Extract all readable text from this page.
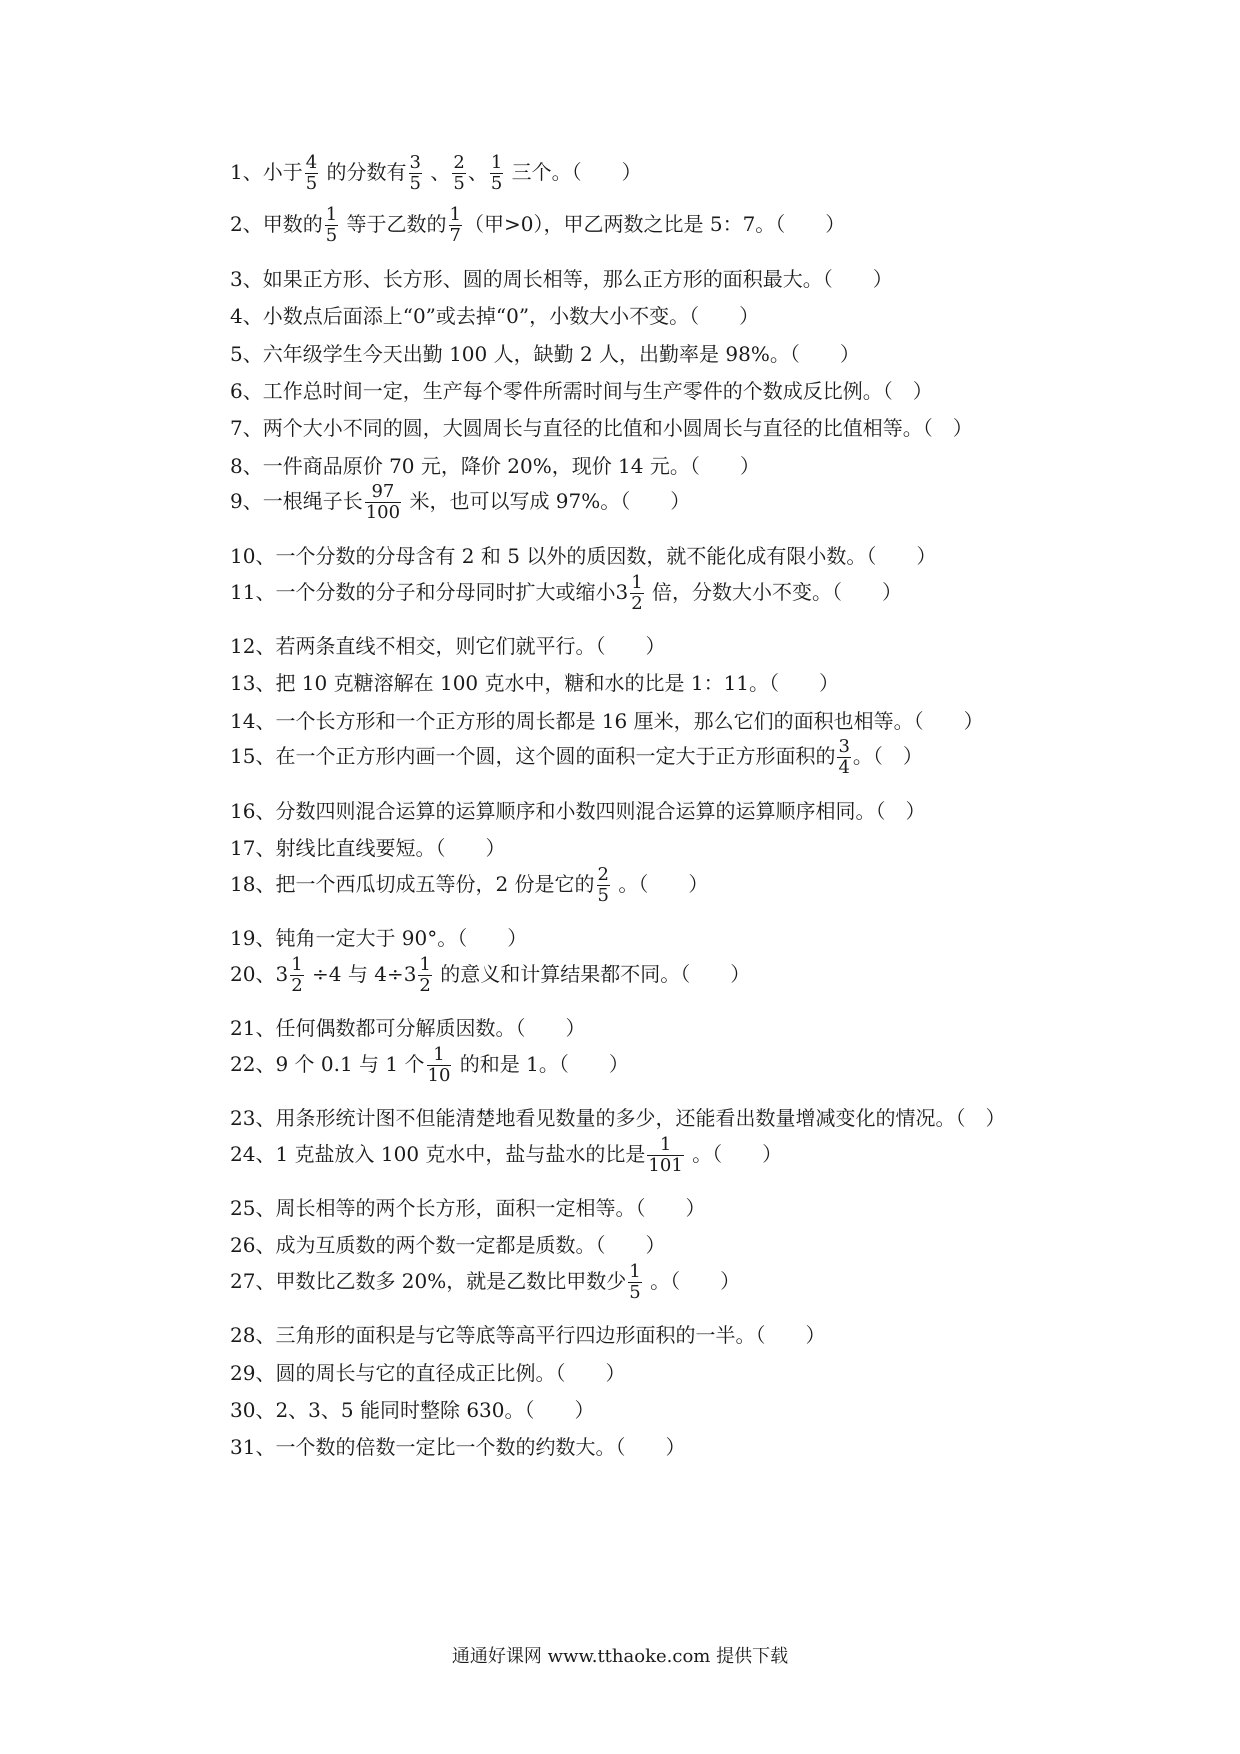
1、小于 $\frac{4}{5}$ 的分数有 $\frac{3}{5}$ 、 $\frac{2}{5}$ 、 $\frac{1}{5}$ 三个。（　　）
2、甲数的 $\frac{1}{5}$ 等于乙数的 $\frac{1}{7}$ （甲>0），甲乙两数之比是 5：7。（　　）
3、如果正方形、长方形、圆的周长相等，那么正方形的面积最大。（　　）
4、小数点后面添上“0”或去掉“0”，小数大小不变。（　　）
5、六年级学生今天出勤 100 人，缺勤 2 人，出勤率是 98%。（　　）
6、工作总时间一定，生产每个零件所需时间与生产零件的个数成反比例。（　）
7、两个大小不同的圆，大圆周长与直径的比值和小圆周长与直径的比值相等。（　）
8、一件商品原价 70 元，降价 20%，现价 14 元。（　　）
9、一根绳子长 $\frac{97}{100}$ 米，也可以写成 97%。（　　）
10、一个分数的分母含有 2 和 5 以外的质因数，就不能化成有限小数。（　　）
11、一个分数的分子和分母同时扩大或缩小$3 \frac{1}{2}$ 倍，分数大小不变。（　　）
12、若两条直线不相交，则它们就平行。（　　）
13、把 10 克糖溶解在 100 克水中，糖和水的比是 1：11。（　　）
14、一个长方形和一个正方形的周长都是 16 厘米，那么它们的面积也相等。（　　）
15、在一个正方形内画一个圆，这个圆的面积一定大于正方形面积的 $\frac{3}{4}$ 。（　）
16、分数四则混合运算的运算顺序和小数四则混合运算的运算顺序相同。（　）
17、射线比直线要短。（　　）
18、把一个西瓜切成五等份，2 份是它的 $\frac{2}{5}$ 。（　　）
19、钝角一定大于 90°。（　　）
20、$3 \frac{1}{2} \div 4$ 与 $4\div 3 \frac{1}{2}$ 的意义和计算结果都不同。（　　）
21、任何偶数都可分解质因数。（　　）
22、9 个 0.1 与 1 个 $\frac{1}{10}$ 的和是 1。（　　）
23、用条形统计图不但能清楚地看见数量的多少，还能看出数量增减变化的情况。（　）
24、1 克盐放入 100 克水中，盐与盐水的比是 $\frac{1}{101}$ 。（　　）
25、周长相等的两个长方形，面积一定相等。（　　）
26、成为互质数的两个数一定都是质数。（　　）
27、甲数比乙数多 20%，就是乙数比甲数少 $\frac{1}{5}$ 。（　　）
28、三角形的面积是与它等底等高平行四边形面积的一半。（　　）
29、圆的周长与它的直径成正比例。（　　）
30、2、3、5 能同时整除 630。（　　）
31、一个数的倍数一定比一个数的约数大。（　　）
通通好课网 www.tthaoke.com 提供下载
